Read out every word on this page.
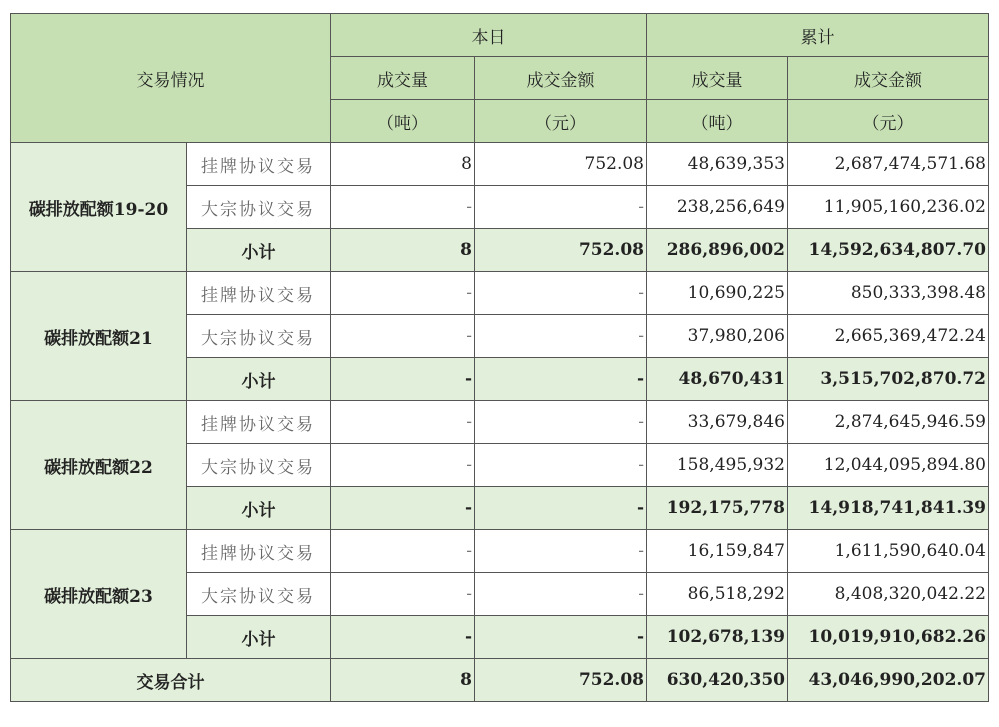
交易情况		本日		累计	
		成交量	成交金额	成交量	成交金额
		（吨）	（元）	（吨）	（元）
碳排放配额19-20	挂牌协议交易	8	752.08	48,639,353	2,687,474,571.68
	大宗协议交易	-	-	238,256,649	11,905,160,236.02
	小计	8	752.08	286,896,002	14,592,634,807.70
碳排放配额21	挂牌协议交易	-	-	10,690,225	850,333,398.48
	大宗协议交易	-	-	37,980,206	2,665,369,472.24
	小计	-	-	48,670,431	3,515,702,870.72
碳排放配额22	挂牌协议交易	-	-	33,679,846	2,874,645,946.59
	大宗协议交易	-	-	158,495,932	12,044,095,894.80
	小计	-	-	192,175,778	14,918,741,841.39
碳排放配额23	挂牌协议交易	-	-	16,159,847	1,611,590,640.04
	大宗协议交易	-	-	86,518,292	8,408,320,042.22
	小计	-	-	102,678,139	10,019,910,682.26
交易合计		8	752.08	630,420,350	43,046,990,202.07
